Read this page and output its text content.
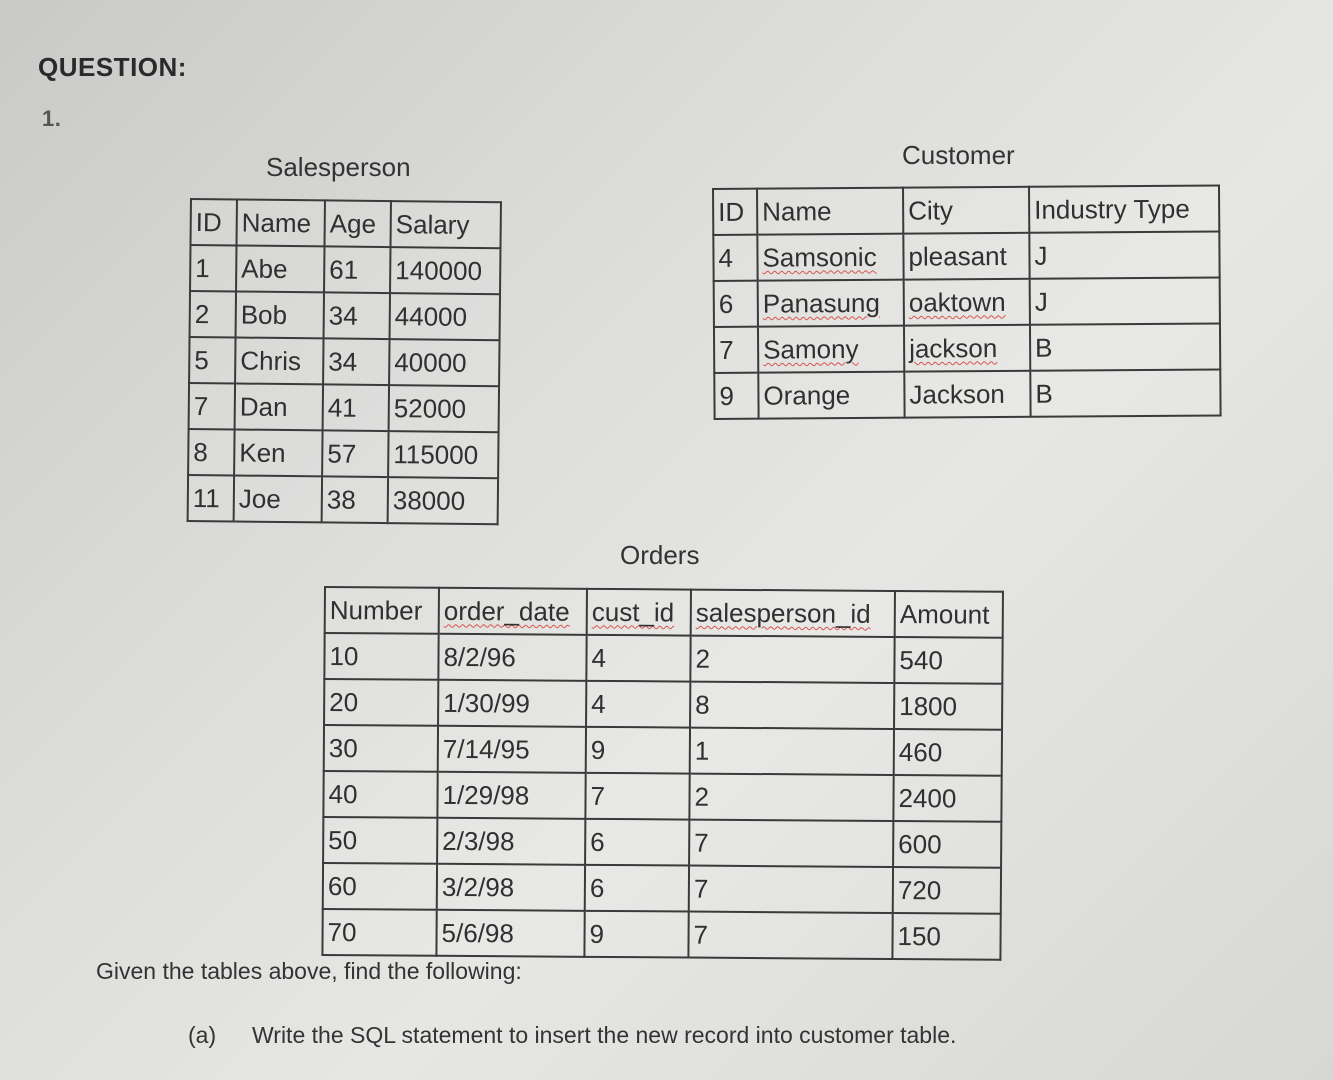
QUESTION:
1.
Salesperson
ID	Name	Age	Salary
1	Abe	61	140000
2	Bob	34	44000
5	Chris	34	40000
7	Dan	41	52000
8	Ken	57	115000
11	Joe	38	38000
Customer
ID	Name	City	Industry Type
4	Samsonic	pleasant	J
6	Panasung	oaktown	J
7	Samony	jackson	B
9	Orange	Jackson	B
Orders
Number	order_date	cust_id	salesperson_id	Amount
10	8/2/96	4	2	540
20	1/30/99	4	8	1800
30	7/14/95	9	1	460
40	1/29/98	7	2	2400
50	2/3/98	6	7	600
60	3/2/98	6	7	720
70	5/6/98	9	7	150
Given the tables above, find the following:
(a) Write the SQL statement to insert the new record into customer table.
